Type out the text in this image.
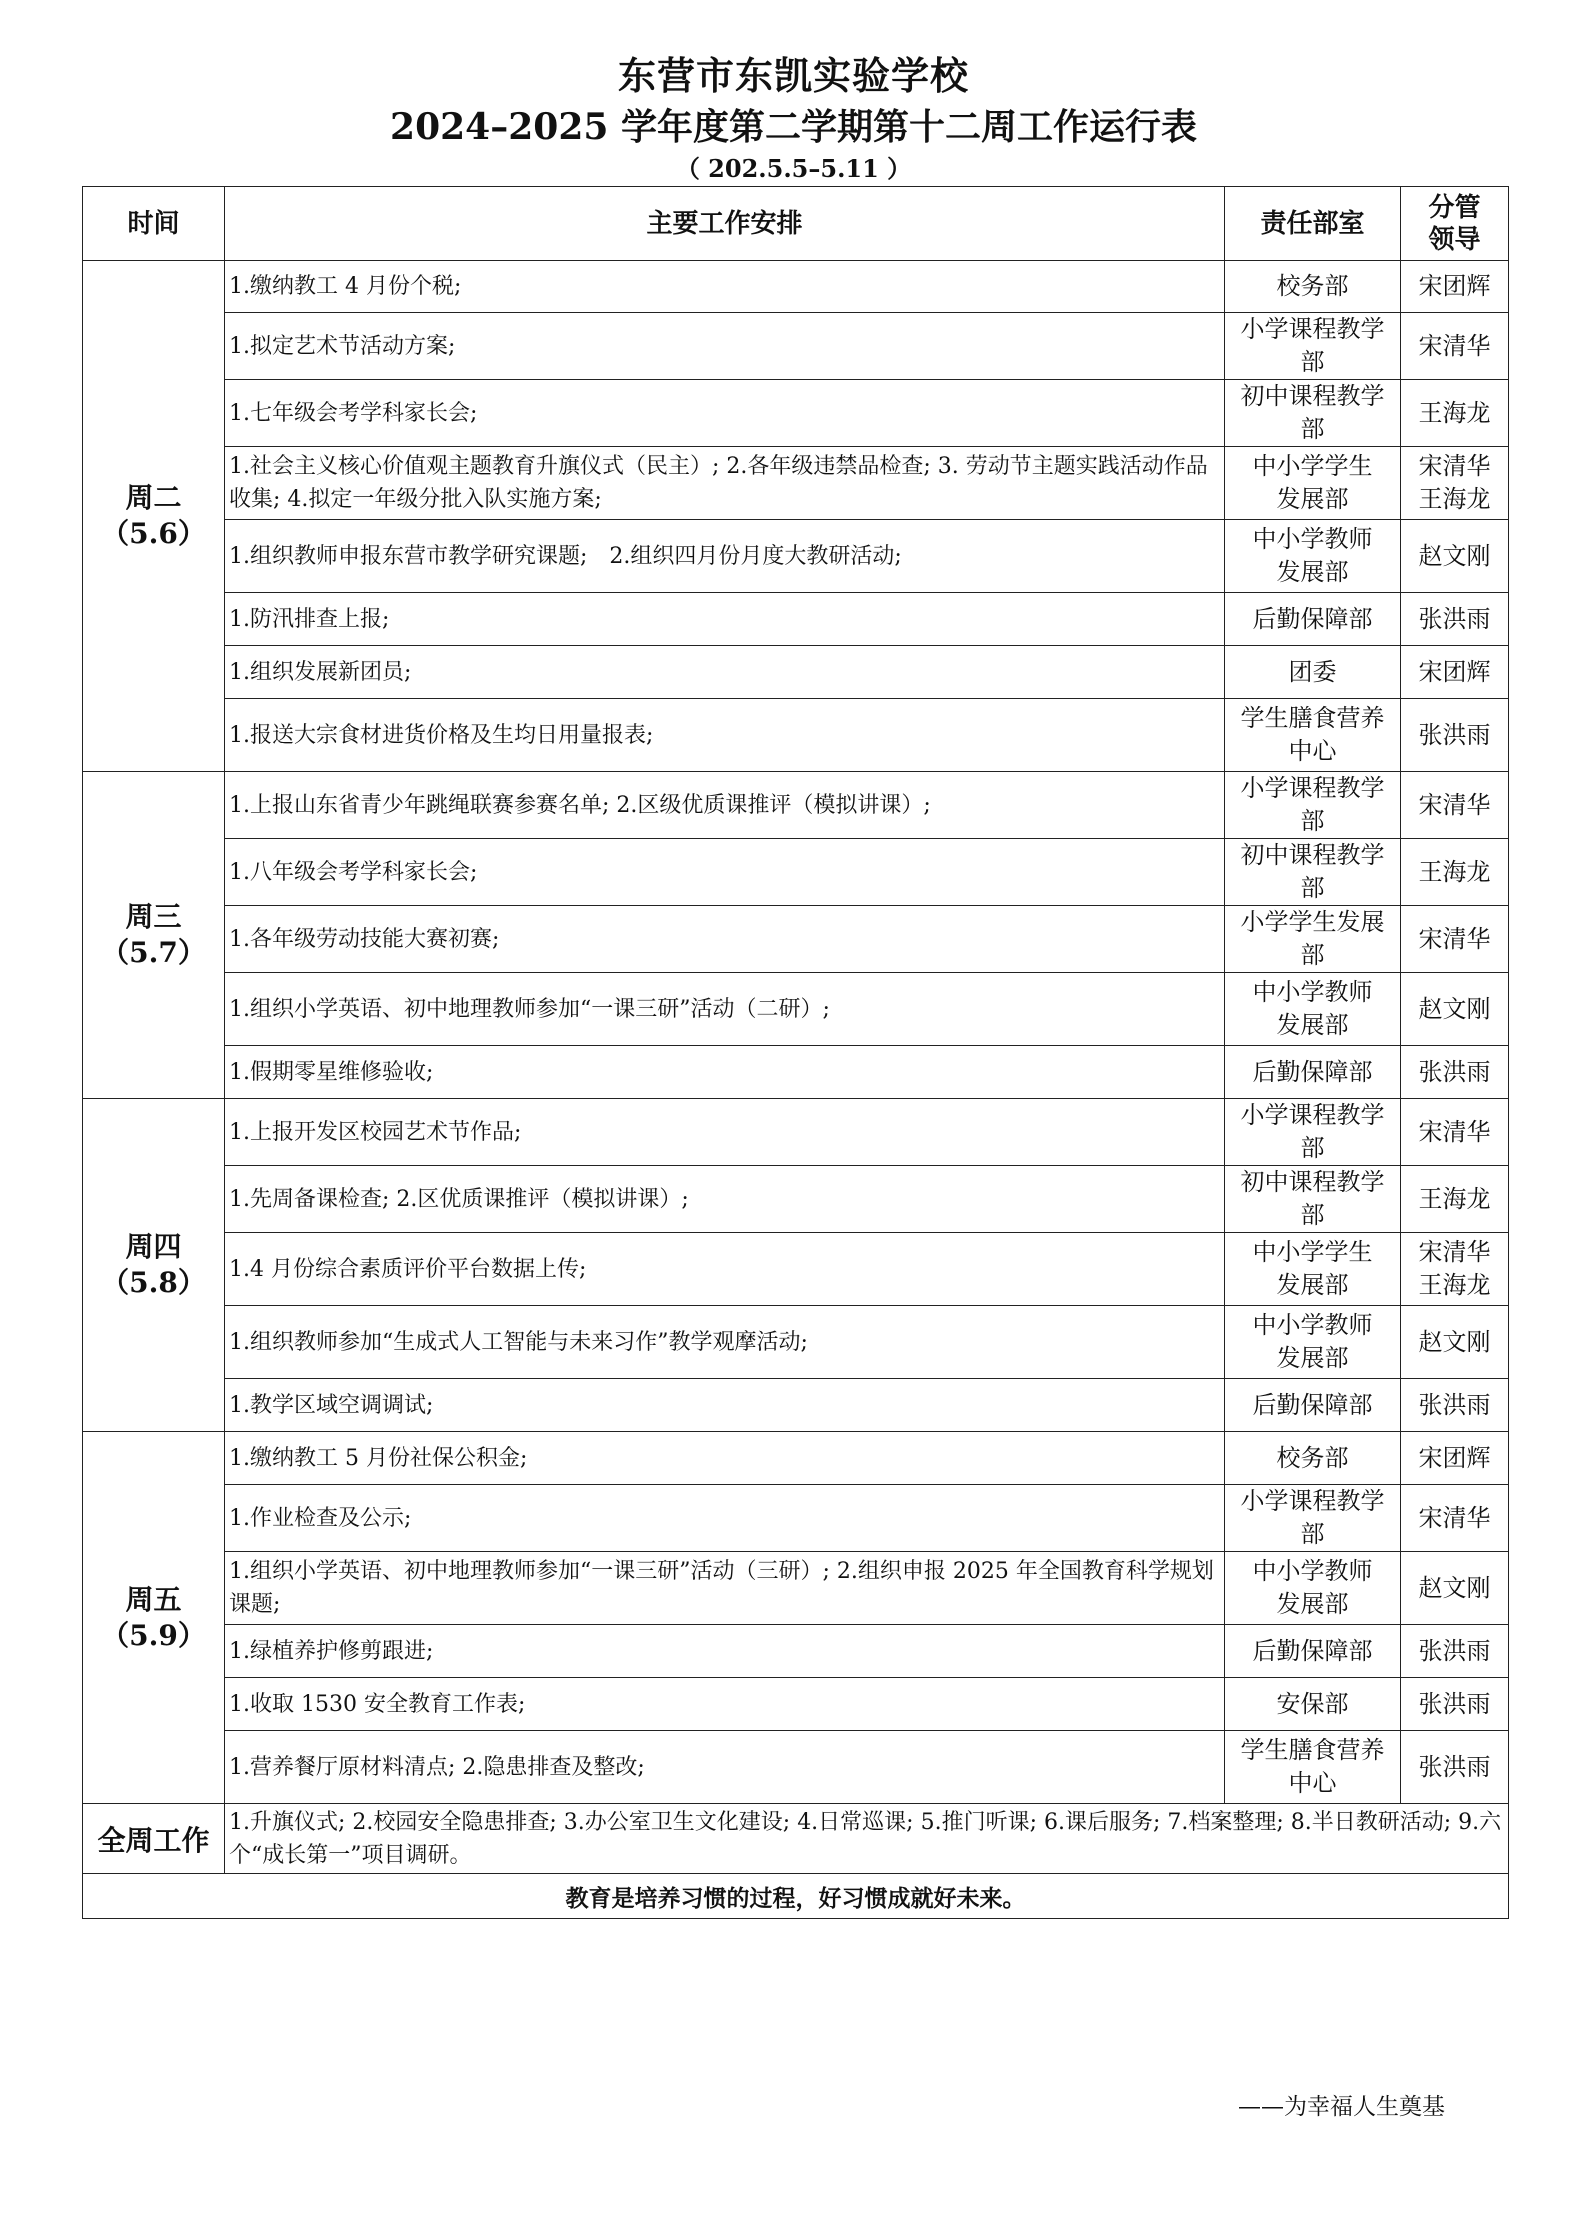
东营市东凯实验学校
2024–2025 学年度第二学期第十二周工作运行表
（ 202.5.5–5.11 ）
时间	主要工作安排	责任部室	分管
领导

周二
（5.6）	1.缴纳教工 4 月份个税;	校务部	宋团辉
	1.拟定艺术节活动方案;	小学课程教学部	宋清华
	1.七年级会考学科家长会;	初中课程教学部	王海龙
	1.社会主义核心价值观主题教育升旗仪式（民主）; 2.各年级违禁品检查; 3. 劳动节主题实践活动作品收集; 4.拟定一年级分批入队实施方案;	中小学学生
发展部	宋清华
王海龙

	1.组织教师申报东营市教学研究课题;　2.组织四月份月度大教研活动;	中小学教师
发展部	赵文刚
	1.防汛排查上报;	后勤保障部	张洪雨
	1.组织发展新团员;	团委	宋团辉
	1.报送大宗食材进货价格及生均日用量报表;	学生膳食营养
中心	张洪雨

周三
（5.7）	1.上报山东省青少年跳绳联赛参赛名单; 2.区级优质课推评（模拟讲课）;	小学课程教学部	宋清华
	1.八年级会考学科家长会;	初中课程教学部	王海龙
	1.各年级劳动技能大赛初赛;	小学学生发展部	宋清华
	1.组织小学英语、初中地理教师参加“一课三研”活动（二研）;	中小学教师
发展部	赵文刚
	1.假期零星维修验收;	后勤保障部	张洪雨

周四
（5.8）	1.上报开发区校园艺术节作品;	小学课程教学部	宋清华
	1.先周备课检查; 2.区优质课推评（模拟讲课）;	初中课程教学部	王海龙
	1.4 月份综合素质评价平台数据上传;	中小学学生
发展部	宋清华
王海龙

	1.组织教师参加“生成式人工智能与未来习作”教学观摩活动;	中小学教师
发展部	赵文刚
	1.教学区域空调调试;	后勤保障部	张洪雨

周五
（5.9）	1.缴纳教工 5 月份社保公积金;	校务部	宋团辉
	1.作业检查及公示;	小学课程教学部	宋清华
	1.组织小学英语、初中地理教师参加“一课三研”活动（三研）; 2.组织申报 2025 年全国教育科学规划课题;	中小学教师
发展部	赵文刚
	1.绿植养护修剪跟进;	后勤保障部	张洪雨
	1.收取 1530 安全教育工作表;	安保部	张洪雨
	1.营养餐厅原材料清点; 2.隐患排查及整改;	学生膳食营养
中心	张洪雨
全周工作	1.升旗仪式; 2.校园安全隐患排查; 3.办公室卫生文化建设; 4.日常巡课; 5.推门听课; 6.课后服务; 7.档案整理; 8.半日教研活动; 9.六个“成长第一”项目调研。		
教育是培养习惯的过程，好习惯成就好未来。			
——为幸福人生奠基
